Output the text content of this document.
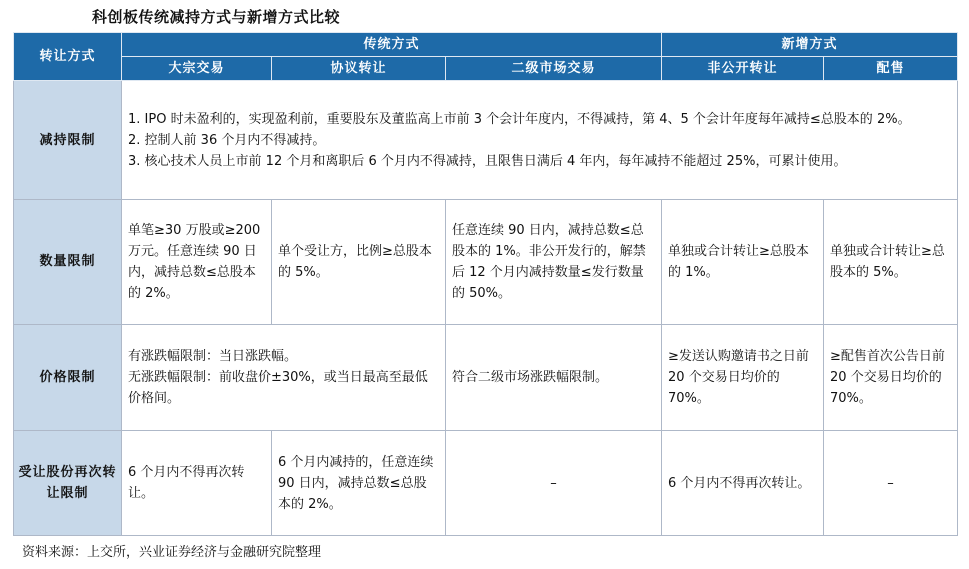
科创板传统减持方式与新增方式比较
转让方式	传统方式			新增方式	
	大宗交易	协议转让	二级市场交易	非公开转让	配售
减持限制	1. IPO 时未盈利的，实现盈利前，重要股东及董监高上市前 3 个会计年度内，不得减持，第 4、5 个会计年度每年减持≤总股本的 2%。

2. 控制人前 36 个月内不得减持。

3. 核心技术人员上市前 12 个月和离职后 6 个月内不得减持，且限售日满后 4 年内，每年减持不能超过 25%，可累计使用。				

数量限制	单笔≥30 万股或≥200 万元。任意连续 90 日内，减持总数≤总股本的 2%。	单个受让方，比例≥总股本的 5%。	任意连续 90 日内，减持总数≤总股本的 1%。非公开发行的，解禁后 12 个月内减持数量≤发行数量的 50%。	单独或合计转让≥总股本的 1%。	单独或合计转让≥总股本的 5%。
价格限制	有涨跌幅限制：当日涨跌幅。

无涨跌幅限制：前收盘价±30%，或当日最高至最低价格间。		符合二级市场涨跌幅限制。	≥发送认购邀请书之日前 20 个交易日均价的 70%。	≥配售首次公告日前 20 个交易日均价的 70%。
受让股份再次转让限制	6 个月内不得再次转让。	6 个月内减持的，任意连续 90 日内，减持总数≤总股本的 2%。	–	6 个月内不得再次转让。	–
资料来源：上交所，兴业证券经济与金融研究院整理
